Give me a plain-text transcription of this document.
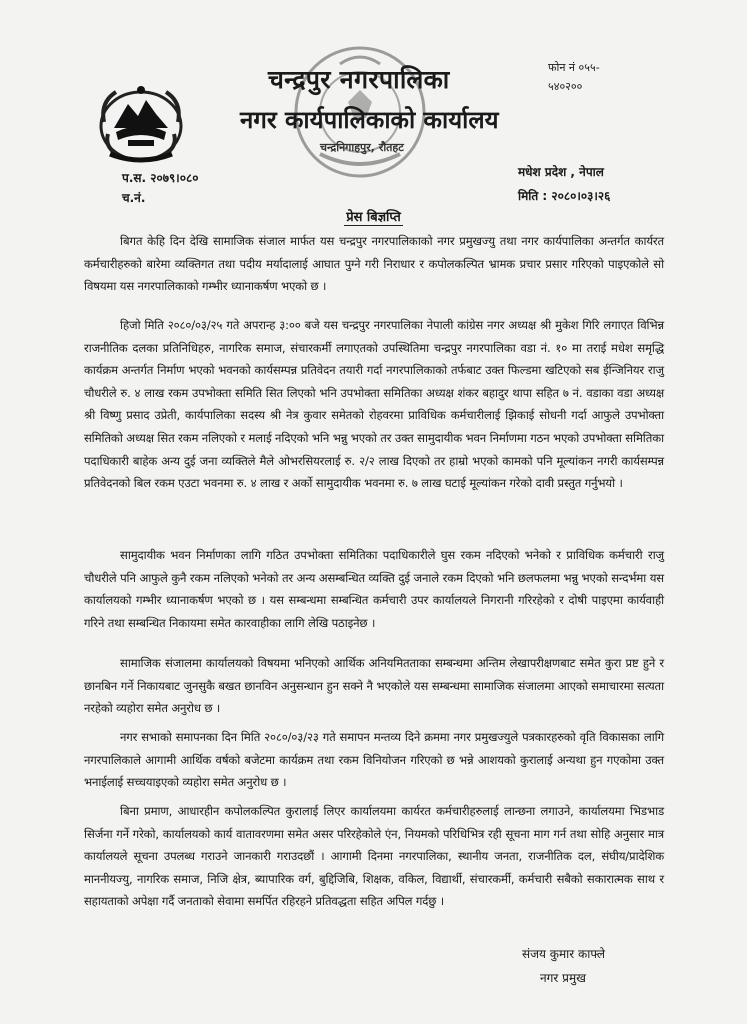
चन्द्रपुर नगरपालिका
नगर कार्यपालिकाको कार्यालय
चन्द्रनिगाहपुर, रौतहट
फोन नं ०५५-
५४०२००
प.स. २०७९।०८०
च.नं.
मधेश प्रदेश , नेपाल
मिति : २०८०।०३।२६
प्रेस बिज्ञप्ति

बिगत केहि दिन देखि सामाजिक संजाल मार्फत यस चन्द्रपुर नगरपालिकाको नगर प्रमुखज्यु तथा नगर कार्यपालिका अन्तर्गत कार्यरत कर्मचारीहरुको बारेमा व्यक्तिगत तथा पदीय मर्यादालाई आघात पुग्ने गरी निराधार र कपोलकल्पित भ्रामक प्रचार प्रसार गरिएको पाइएकोले सो विषयमा यस नगरपालिकाको गम्भीर ध्यानाकर्षण भएको छ ।

हिजो मिति २०८०/०३/२५ गते अपरान्ह ३:०० बजे यस चन्द्रपुर नगरपालिका नेपाली कांग्रेस नगर अध्यक्ष श्री मुकेश गिरि लगाएत विभिन्न राजनीतिक दलका प्रतिनिधिहरु, नागरिक समाज, संचारकर्मी लगाएतको उपस्थितिमा चन्द्रपुर नगरपालिका वडा नं. १० मा तराई मधेश समृद्धि कार्यक्रम अन्तर्गत निर्माण भएको भवनको कार्यसम्पन्न प्रतिवेदन तयारी गर्दा नगरपालिकाको तर्फबाट उक्त फिल्डमा खटिएको सब ईन्जिनियर राजु चौधरीले रु. ४ लाख रकम उपभोक्ता समिति सित लिएको भनि उपभोक्ता समितिका अध्यक्ष शंकर बहादुर थापा सहित ७ नं. वडाका वडा अध्यक्ष श्री विष्णु प्रसाद उप्रेती, कार्यपालिका सदस्य श्री नेत्र कुवार समेतको रोहवरमा प्राविधिक कर्मचारीलाई झिकाई सोधनी गर्दा आफुले उपभोक्ता समितिको अध्यक्ष सित रकम नलिएको र मलाई नदिएको भनि भन्नु भएको तर उक्त सामुदायीक भवन निर्माणमा गठन भएको उपभोक्ता समितिका पदाधिकारी बाहेक अन्य दुई जना व्यक्तिले मैले ओभरसियरलाई रु. २/२ लाख दिएको तर हाम्रो भएको कामको पनि मूल्यांकन नगरी कार्यसम्पन्न प्रतिवेदनको बिल रकम एउटा भवनमा रु. ४ लाख र अर्को सामुदायीक भवनमा रु. ७ लाख घटाई मूल्यांकन गरेको दावी प्रस्तुत गर्नुभयो ।

सामुदायीक भवन निर्माणका लागि गठित उपभोक्ता समितिका पदाधिकारीले घुस रकम नदिएको भनेको र प्राविधिक कर्मचारी राजु चौधरीले पनि आफुले कुनै रकम नलिएको भनेको तर अन्य असम्बन्धित व्यक्ति दुई जनाले रकम दिएको भनि छलफलमा भन्नु भएको सन्दर्भमा यस कार्यालयको गम्भीर ध्यानाकर्षण भएको छ । यस सम्बन्धमा सम्बन्धित कर्मचारी उपर कार्यालयले निगरानी गरिरहेको र दोषी पाइएमा कार्यवाही गरिने तथा सम्बन्धित निकायमा समेत कारवाहीका लागि लेखि पठाइनेछ ।

सामाजिक संजालमा कार्यालयको विषयमा भनिएको आर्थिक अनियमितताका सम्बन्धमा अन्तिम लेखापरीक्षणबाट समेत कुरा प्रष्ट हुने र छानबिन गर्ने निकायबाट जुनसुकै बखत छानविन अनुसन्धान हुन सक्ने नै भएकोले यस सम्बन्धमा सामाजिक संजालमा आएको समाचारमा सत्यता नरहेको व्यहोरा समेत अनुरोध छ ।

नगर सभाको समापनका दिन मिति २०८०/०३/२३ गते समापन मन्तव्य दिने क्रममा नगर प्रमुखज्युले पत्रकारहरुको वृति विकासका लागि नगरपालिकाले आगामी आर्थिक वर्षको बजेटमा कार्यक्रम तथा रकम विनियोजन गरिएको छ भन्ने आशयको कुरालाई अन्यथा हुन गएकोमा उक्त भनाईलाई सच्चयाइएको व्यहोरा समेत अनुरोध छ ।

बिना प्रमाण, आधारहीन कपोलकल्पित कुरालाई लिएर कार्यालयमा कार्यरत कर्मचारीहरुलाई लान्छना लगाउने, कार्यालयमा भिडभाड सिर्जना गर्ने गरेको, कार्यालयको कार्य वातावरणमा समेत असर परिरहेकोले एंन, नियमको परिधिभित्र रही सूचना माग गर्न तथा सोहि अनुसार मात्र कार्यालयले सूचना उपलब्ध गराउने जानकारी गराउदछौं । आगामी दिनमा नगरपालिका, स्थानीय जनता, राजनीतिक दल, संघीय/प्रादेशिक माननीयज्यु, नागरिक समाज, निजि क्षेत्र, ब्यापारिक वर्ग, बुद्दिजिबि, शिक्षक, वकिल, विद्यार्थी, संचारकर्मी, कर्मचारी सबैको सकारात्मक साथ र सहायताको अपेक्षा गर्दै जनताको सेवामा समर्पित रहिरहने प्रतिवद्धता सहित अपिल गर्दछु ।

संजय कुमार काफ्ले
नगर प्रमुख
